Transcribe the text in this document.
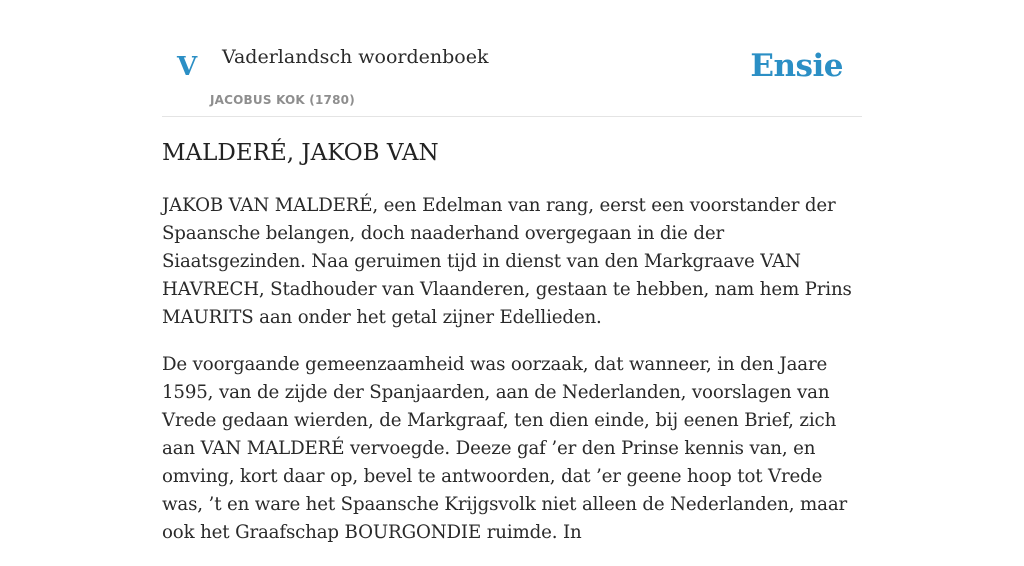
V Vaderlandsch woordenboek
JACOBUS KOK (1780)
Ensie
MALDERÉ, JAKOB VAN

JAKOB VAN MALDERÉ, een Edelman van rang, eerst een voorstander der Spaansche belangen, doch naaderhand overgegaan in die der Siaatsgezinden. Naa geruimen tijd in dienst van den Markgraave VAN HAVRECH, Stadhouder van Vlaanderen, gestaan te hebben, nam hem Prins MAURITS aan onder het getal zijner Edellieden.

De voorgaande gemeenzaamheid was oorzaak, dat wanneer, in den Jaare 1595, van de zijde der Spanjaarden, aan de Nederlanden, voorslagen van Vrede gedaan wierden, de Markgraaf, ten dien einde, bij eenen Brief, zich aan VAN MALDERÉ vervoegde. Deeze gaf ’er den Prinse kennis van, en omving, kort daar op, bevel te antwoorden, dat ’er geene hoop tot Vrede was, ’t en ware het Spaansche Krijgsvolk niet alleen de Nederlanden, maar ook het Graafschap BOURGONDIE ruimde. In
